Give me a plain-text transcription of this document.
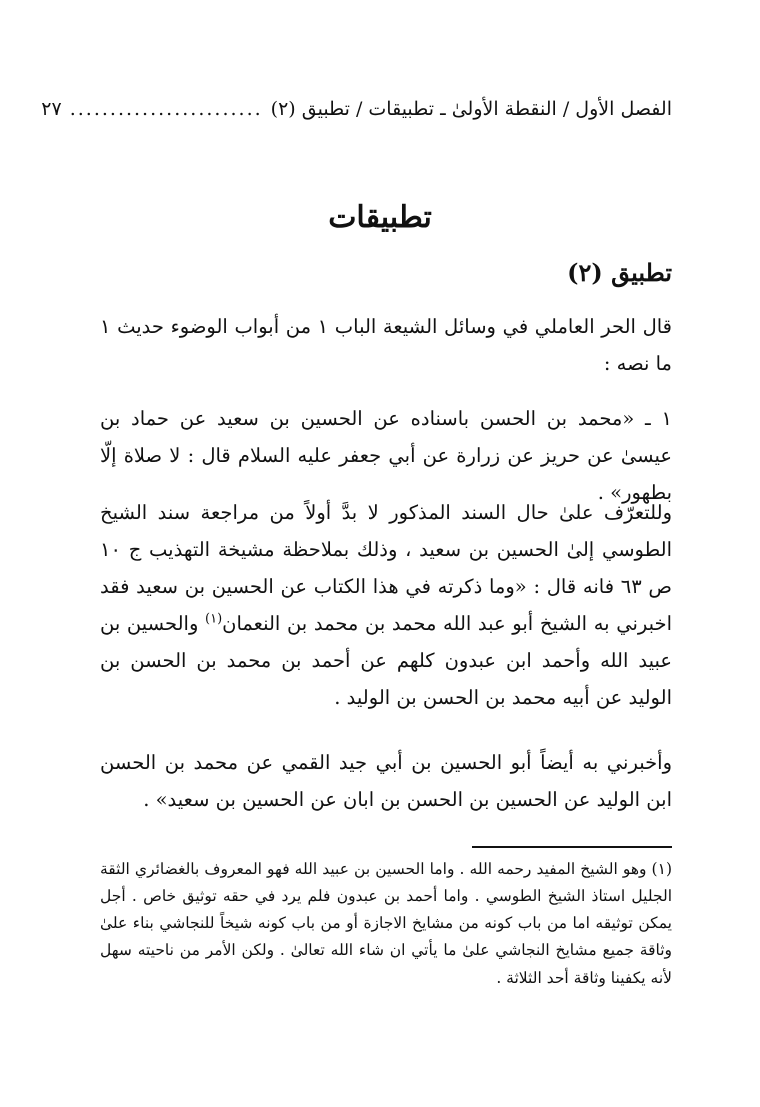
الفصل الأول / النقطة الأولىٰ ـ تطبيقات / تطبيق (٢)
........................
٢٧
تطبيقات
تطبيق (٢)
قال الحر العاملي في وسائل الشيعة الباب ١ من أبواب الوضوء حديث ١ ما نصه :
١ ـ «محمد بن الحسن باسناده عن الحسين بن سعيد عن حماد بن عيسىٰ عن حريز عن زرارة عن أبي جعفر عليه السلام قال : لا صلاة إلّا بطهور» .
وللتعرّف علىٰ حال السند المذكور لا بدَّ أولاً من مراجعة سند الشيخ الطوسي إلىٰ الحسين بن سعيد ، وذلك بملاحظة مشيخة التهذيب ج ١٠ ص ٦٣ فانه قال : «وما ذكرته في هذا الكتاب عن الحسين بن سعيد فقد اخبرني به الشيخ أبو عبد الله محمد بن محمد بن النعمان$^{(١)}$ والحسين بن عبيد الله وأحمد ابن عبدون كلهم عن أحمد بن محمد بن الحسن بن الوليد عن أبيه محمد بن الحسن بن الوليد .
وأخبرني به أيضاً أبو الحسين بن أبي جيد القمي عن محمد بن الحسن ابن الوليد عن الحسين بن الحسن بن ابان عن الحسين بن سعيد» .
(١) وهو الشيخ المفيد رحمه الله . واما الحسين بن عبيد الله فهو المعروف بالغضائري الثقة الجليل استاذ الشيخ الطوسي . واما أحمد بن عبدون فلم يرد في حقه توثيق خاص . أجل يمكن توثيقه اما من باب كونه من مشايخ الاجازة أو من باب كونه شيخاً للنجاشي بناء علىٰ وثاقة جميع مشايخ النجاشي علىٰ ما يأتي ان شاء الله تعالىٰ . ولكن الأمر من ناحيته سهل لأنه يكفينا وثاقة أحد الثلاثة .
